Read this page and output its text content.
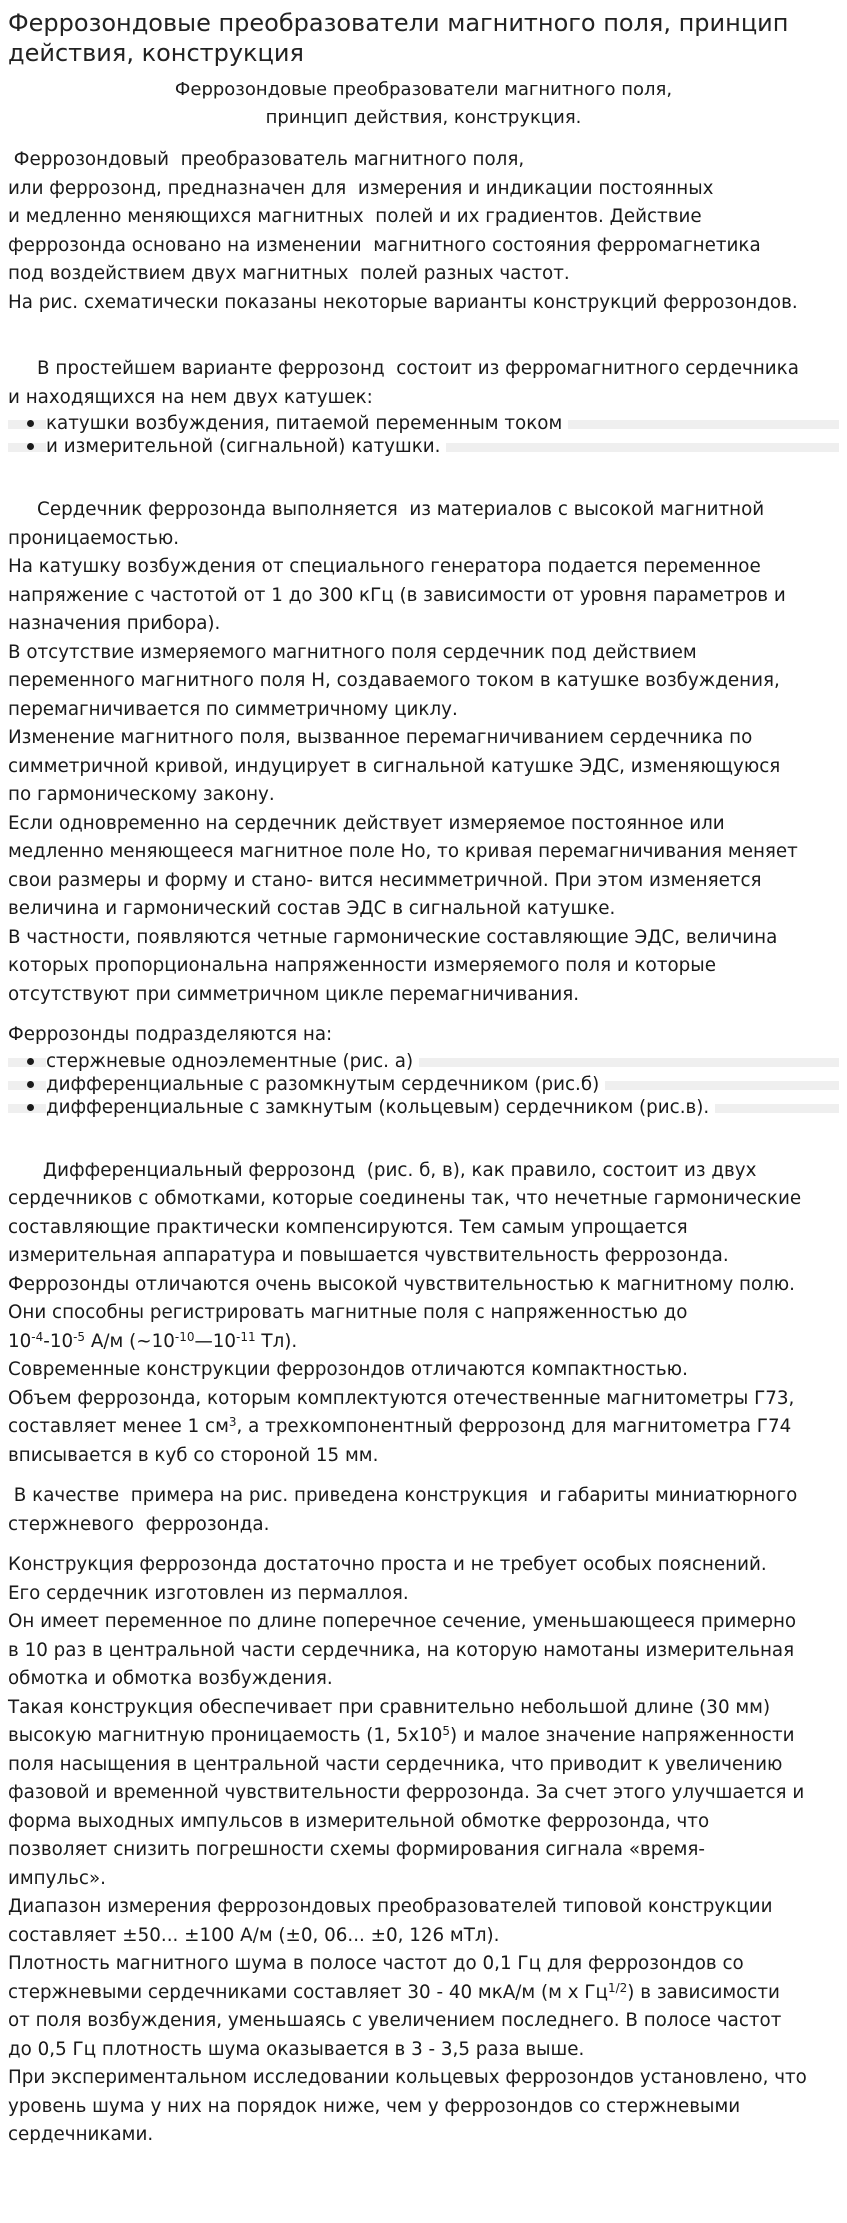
Феррозондовые преобразователи магнитного поля, принцип
действия, конструкция
Феррозондовые преобразователи магнитного поля,
принцип действия, конструкция.
Феррозондовый  преобразователь магнитного поля,
или феррозонд, предназначен для  измерения и индикации постоянных
и медленно меняющихся магнитных  полей и их градиентов. Действие
феррозонда основано на изменении  магнитного состояния ферромагнетика
под воздействием двух магнитных  полей разных частот.
На рис. схематически показаны некоторые варианты конструкций феррозондов.
В простейшем варианте феррозонд  состоит из ферромагнитного сердечника
и находящихся на нем двух катушек:
катушки возбуждения, питаемой переменным током
и измерительной (сигнальной) катушки.
Сердечник феррозонда выполняется  из материалов с высокой магнитной
проницаемостью.
На катушку возбуждения от специального генератора подается переменное
напряжение с частотой от 1 до 300 кГц (в зависимости от уровня параметров и
назначения прибора).
В отсутствие измеряемого магнитного поля сердечник под действием
переменного магнитного поля H, создаваемого током в катушке возбуждения,
перемагничивается по симметричному циклу.
Изменение магнитного поля, вызванное перемагничиванием сердечника по
симметричной кривой, индуцирует в сигнальной катушке ЭДС, изменяющуюся
по гармоническому закону.
Если одновременно на сердечник действует измеряемое постоянное или
медленно меняющееся магнитное поле Ho, то кривая перемагничивания меняет
свои размеры и форму и стано- вится несимметричной. При этом изменяется
величина и гармонический состав ЭДС в сигнальной катушке.
В частности, появляются четные гармонические составляющие ЭДС, величина
которых пропорциональна напряженности измеряемого поля и которые
отсутствуют при симметричном цикле перемагничивания.

Феррозонды подразделяются на:

стержневые одноэлементные (рис. а)
дифференциальные с разомкнутым сердечником (рис.б)
дифференциальные с замкнутым (кольцевым) сердечником (рис.в).
Дифференциальный феррозонд  (рис. б, в), как правило, состоит из двух
сердечников с обмотками, которые соединены так, что нечетные гармонические
составляющие практически компенсируются. Тем самым упрощается
измерительная аппаратура и повышается чувствительность феррозонда.
Феррозонды отличаются очень высокой чувствительностью к магнитному полю.
Они способны регистрировать магнитные поля с напряженностью до
$10^{-4}-10^{-5}$ А/м ($\sim 10^{-10}—10^{-11}$ Тл).
Современные конструкции феррозондов отличаются компактностью.
Объем феррозонда, которым комплектуются отечественные магнитометры Г73,
составляет менее 1 $см^3$, а трехкомпонентный феррозонд для магнитометра Г74
вписывается в куб со стороной 15 мм.
В качестве  примера на рис. приведена конструкция  и габариты миниатюрного
стержневого  феррозонда.
Конструкция феррозонда достаточно проста и не требует особых пояснений.
Его сердечник изготовлен из пермаллоя.
Он имеет переменное по длине поперечное сечение, уменьшающееся примерно
в 10 раз в центральной части сердечника, на которую намотаны измерительная
обмотка и обмотка возбуждения.
Такая конструкция обеспечивает при сравнительно небольшой длине (30 мм)
высокую магнитную проницаемость (1, $5х10^5$) и малое значение напряженности
поля насыщения в центральной части сердечника, что приводит к увеличению
фазовой и временной чувствительности феррозонда. За счет этого улучшается и
форма выходных импульсов в измерительной обмотке феррозонда, что
позволяет снизить погрешности схемы формирования сигнала «время-
импульс».
Диапазон измерения феррозондовых преобразователей типовой конструкции
составляет ±50... ±100 А/м (±0, 06... ±0, 126 мТл).
Плотность магнитного шума в полосе частот до 0,1 Гц для феррозондов со
стержневыми сердечниками составляет 30 - 40 мкА/м (м х $Гц^{1/2}$) в зависимости
от поля возбуждения, уменьшаясь с увеличением последнего. В полосе частот
до 0,5 Гц плотность шума оказывается в 3 - 3,5 раза выше.
При экспериментальном исследовании кольцевых феррозондов установлено, что
уровень шума у них на порядок ниже, чем у феррозондов со стержневыми
сердечниками.
